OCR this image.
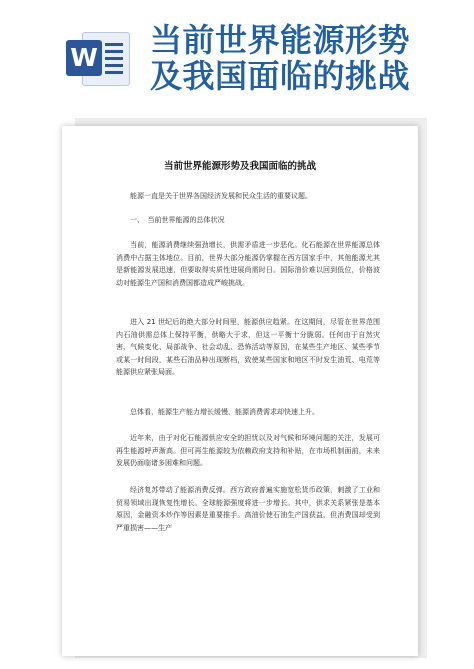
W 当前世界能源形势
及我国面临的挑战
当前世界能源形势及我国面临的挑战

能源一直是关于世界各国经济发展和民众生活的重要议题。

一、　当前世界能源的总体状况

当前，能源消费继续强劲增长，供需矛盾进一步恶化。化石能源在世界能源总体消费中占据主体地位。目前，世界大部分能源仍掌握在西方国家手中，其他能源尤其是新能源发展迅速，但要取得实质性进展尚需时日。国际油价难以回到低位，价格波动对能源生产国和消费国都造成严峻挑战。

进入 21 世纪后的绝大部分时间里，能源供应趋紧。在这期间，尽管在世界范围内石油供需总体上保持平衡，供略大于求，但这一平衡十分脆弱。任何由于自然灾害、气候变化、局部战争、社会动乱、恐怖活动等原因，在某些生产地区、某些季节或某一时间段，某些石油品种出现断档，致使某些国家和地区不时发生油荒、电荒等能源供应紧张局面。

总体看，能源生产能力增长缓慢，能源消费需求却快速上升。

近年来，由于对化石能源供应安全的担忧以及对气候和环境问题的关注，发展可再生能源呼声渐高。但可再生能源较为依赖政府支持和补贴，在市场机制面前，未来发展仍面临诸多困难和问题。

经济复苏带动了能源消费反弹。西方政府普遍实施宽松货币政策，刺激了工业和贸易领域出现恢复性增长。全球能源强度将进一步增长。其中，供求关系紧张是基本原因，金融资本炒作等因素是重要推手。高油价使石油生产国获益，但消费国却受到严重损害——生产
